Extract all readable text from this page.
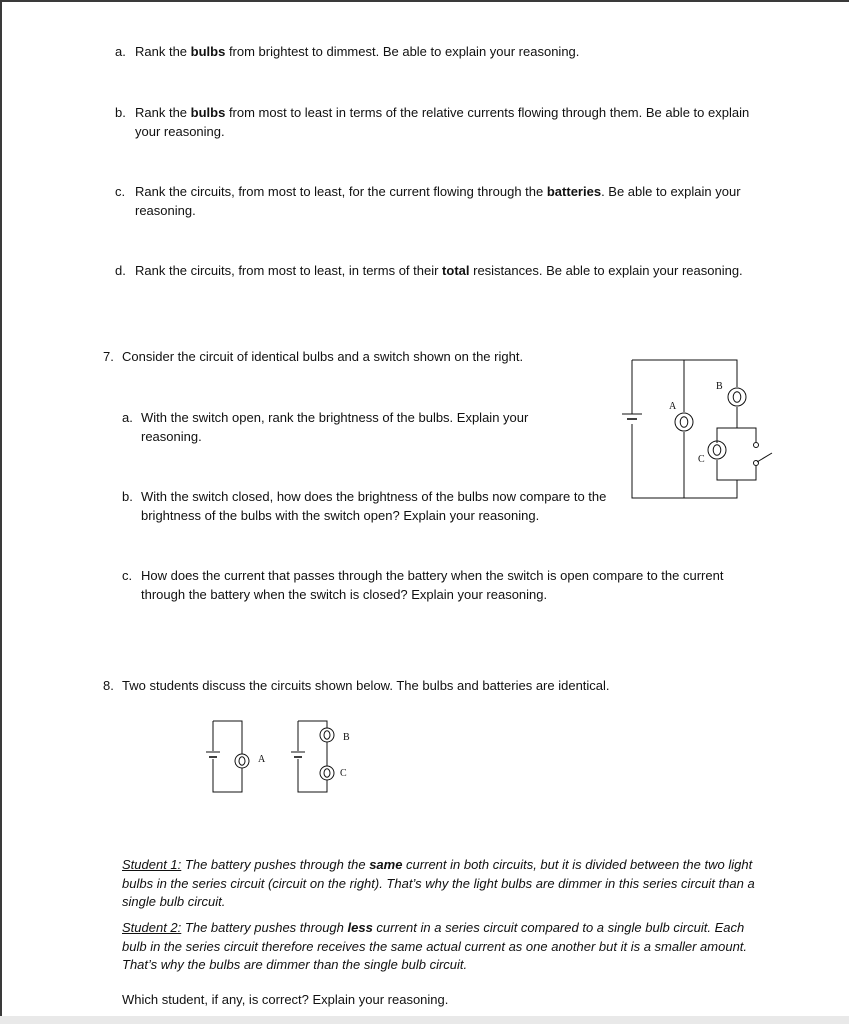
a. Rank the bulbs from brightest to dimmest. Be able to explain your reasoning.
b. Rank the bulbs from most to least in terms of the relative currents flowing through them. Be able to explain your reasoning.
c. Rank the circuits, from most to least, for the current flowing through the batteries. Be able to explain your reasoning.
d. Rank the circuits, from most to least, in terms of their total resistances. Be able to explain your reasoning.
7. Consider the circuit of identical bulbs and a switch shown on the right.
a. With the switch open, rank the brightness of the bulbs. Explain your reasoning.
b. With the switch closed, how does the brightness of the bulbs now compare to the brightness of the bulbs with the switch open? Explain your reasoning.
c. How does the current that passes through the battery when the switch is open compare to the current through the battery when the switch is closed? Explain your reasoning.
A
B
C
8. Two students discuss the circuits shown below. The bulbs and batteries are identical.
A
B
C
Student 1: The battery pushes through the same current in both circuits, but it is divided between the two light bulbs in the series circuit (circuit on the right). That’s why the light bulbs are dimmer in this series circuit than a single bulb circuit.
Student 2: The battery pushes through less current in a series circuit compared to a single bulb circuit. Each bulb in the series circuit therefore receives the same actual current as one another but it is a smaller amount. That’s why the bulbs are dimmer than the single bulb circuit.
Which student, if any, is correct? Explain your reasoning.
